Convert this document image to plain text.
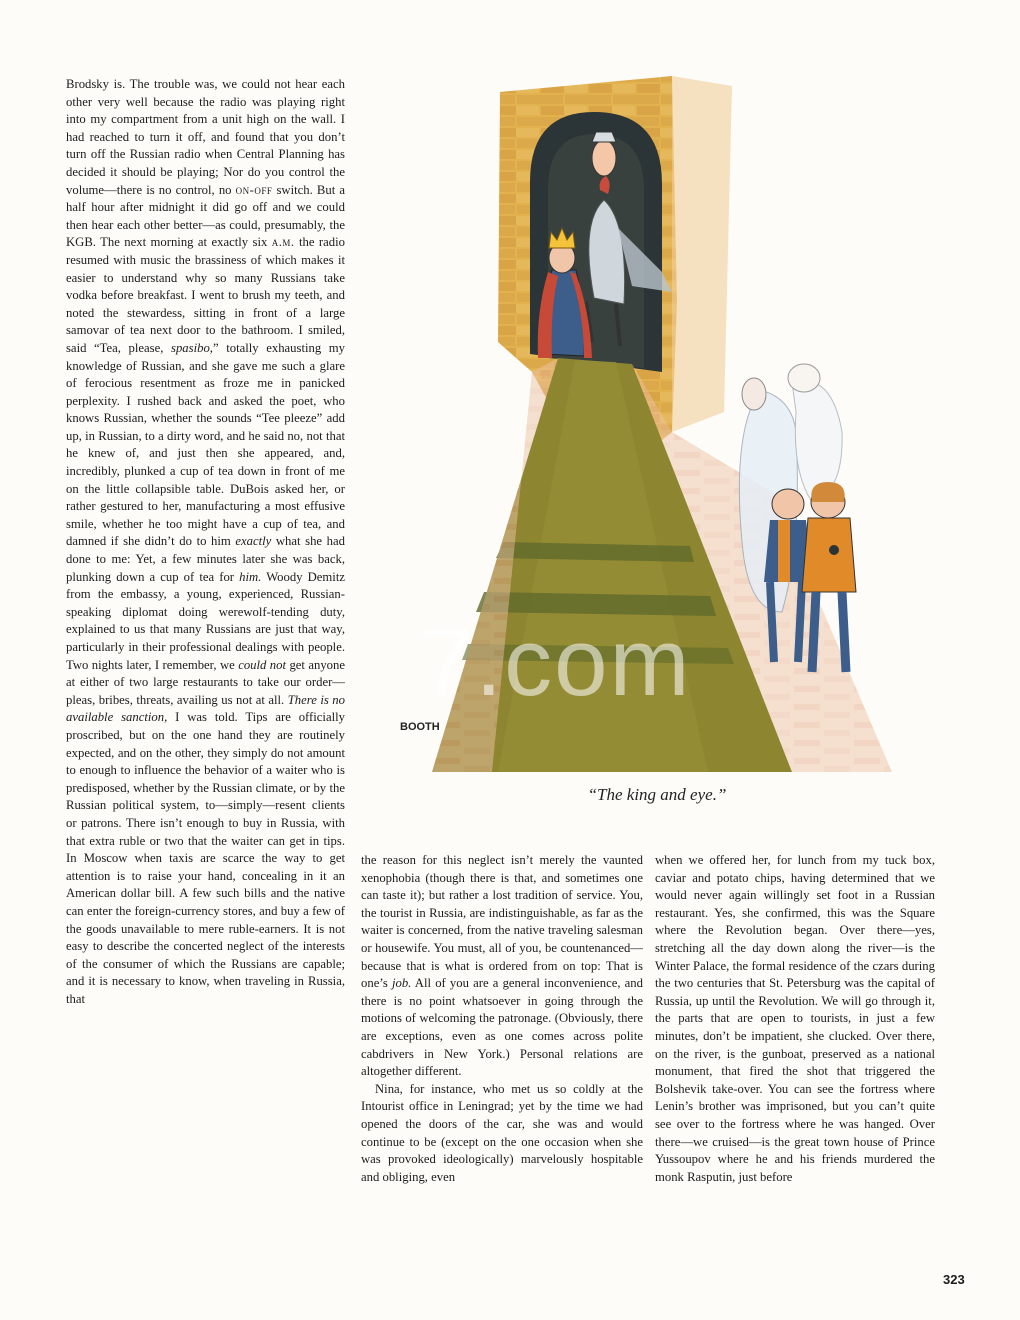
Brodsky is. The trouble was, we could not hear each other very well because the radio was playing right into my compartment from a unit high on the wall. I had reached to turn it off, and found that you don’t turn off the Russian radio when Central Planning has decided it should be playing; Nor do you control the volume—there is no control, no on-off switch. But a half hour after midnight it did go off and we could then hear each other better—as could, presumably, the KGB. The next morning at exactly six a.m. the radio resumed with music the brassiness of which makes it easier to understand why so many Russians take vodka before breakfast. I went to brush my teeth, and noted the stewardess, sitting in front of a large samovar of tea next door to the bathroom. I smiled, said “Tea, please, spasibo,” totally exhausting my knowledge of Russian, and she gave me such a glare of ferocious resentment as froze me in panicked perplexity. I rushed back and asked the poet, who knows Russian, whether the sounds “Tee pleeze” add up, in Russian, to a dirty word, and he said no, not that he knew of, and just then she appeared, and, incredibly, plunked a cup of tea down in front of me on the little collapsible table. DuBois asked her, or rather gestured to her, manufacturing a most effusive smile, whether he too might have a cup of tea, and damned if she didn’t do to him exactly what she had done to me: Yet, a few minutes later she was back, plunking down a cup of tea for him. Woody Demitz from the embassy, a young, experienced, Russian-speaking diplomat doing werewolf-tending duty, explained to us that many Russians are just that way, particularly in their professional dealings with people. Two nights later, I remember, we could not get anyone at either of two large restaurants to take our order—pleas, bribes, threats, availing us not at all. There is no available sanction, I was told. Tips are officially proscribed, but on the one hand they are routinely expected, and on the other, they simply do not amount to enough to influence the behavior of a waiter who is predisposed, whether by the Russian climate, or by the Russian political system, to—simply—resent clients or patrons. There isn’t enough to buy in Russia, with that extra ruble or two that the waiter can get in tips. In Moscow when taxis are scarce the way to get attention is to raise your hand, concealing in it an American dollar bill. A few such bills and the native can enter the foreign-currency stores, and buy a few of the goods unavailable to mere ruble-earners. It is not easy to describe the concerted neglect of the interests of the consumer of which the Russians are capable; and it is necessary to know, when traveling in Russia, that

BOOTH
7.com
“The king and eye.”

the reason for this neglect isn’t merely the vaunted xenophobia (though there is that, and sometimes one can taste it); but rather a lost tradition of service. You, the tourist in Russia, are indistinguishable, as far as the waiter is concerned, from the native traveling salesman or housewife. You must, all of you, be countenanced—because that is what is ordered from on top: That is one’s job. All of you are a general inconvenience, and there is no point whatsoever in going through the motions of welcoming the patronage. (Obviously, there are exceptions, even as one comes across polite cabdrivers in New York.) Personal relations are altogether different.

Nina, for instance, who met us so coldly at the Intourist office in Leningrad; yet by the time we had opened the doors of the car, she was and would continue to be (except on the one occasion when she was provoked ideologically) marvelously hospitable and obliging, even

when we offered her, for lunch from my tuck box, caviar and potato chips, having determined that we would never again willingly set foot in a Russian restaurant. Yes, she confirmed, this was the Square where the Revolution began. Over there—yes, stretching all the day down along the river—is the Winter Palace, the formal residence of the czars during the two centuries that St. Petersburg was the capital of Russia, up until the Revolution. We will go through it, the parts that are open to tourists, in just a few minutes, don’t be impatient, she clucked. Over there, on the river, is the gunboat, preserved as a national monument, that fired the shot that triggered the Bolshevik take-over. You can see the fortress where Lenin’s brother was imprisoned, but you can’t quite see over to the fortress where he was hanged. Over there—we cruised—is the great town house of Prince Yussoupov where he and his friends murdered the monk Rasputin, just before

323
